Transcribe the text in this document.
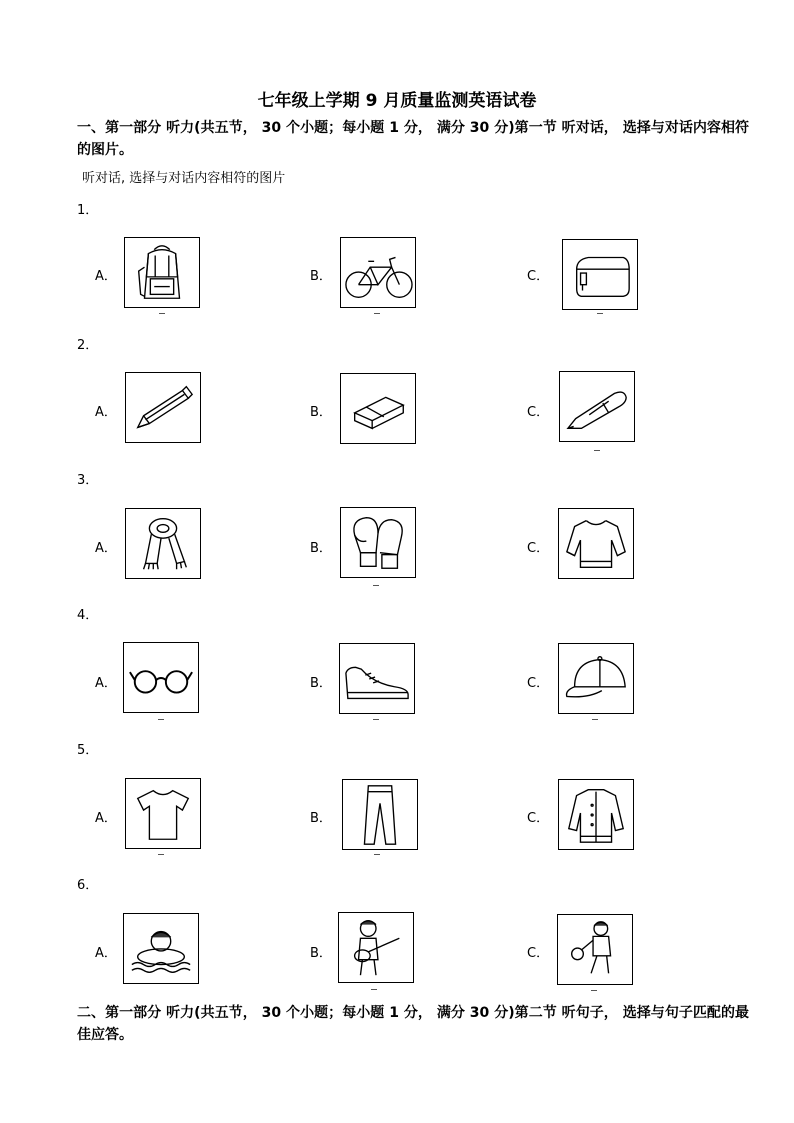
七年级上学期 9 月质量监测英语试卷
一、第一部分 听力(共五节， 30 个小题；每小题 1 分， 满分 30 分)第一节 听对话， 选择与对话内容相符的图片。
听对话, 选择与对话内容相符的图片
1．
A．	B．	C．
2．
A．	B．	C．
3．
A．	B．	C．
4．
A．	B．	C．
5．
A．	B．	C．
6．
A．	B．	C．
二、第一部分 听力(共五节， 30 个小题；每小题 1 分， 满分 30 分)第二节 听句子， 选择与句子匹配的最佳应答。
